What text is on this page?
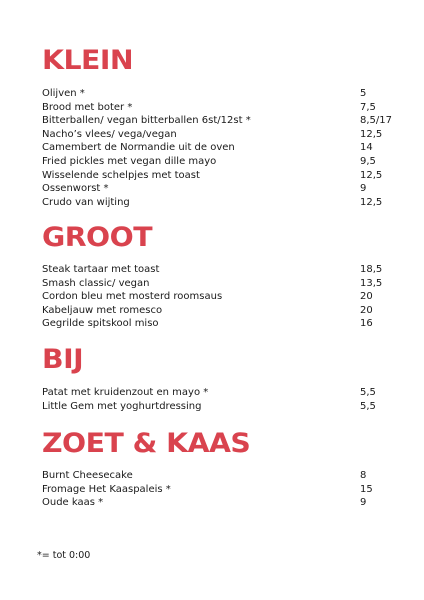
KLEIN
Olijven *	5
Brood met boter *	7,5
Bitterballen/ vegan bitterballen 6st/12st *	8,5/17
Nacho’s vlees/ vega/vegan	12,5
Camembert de Normandie uit de oven	14
Fried pickles met vegan dille mayo	9,5
Wisselende schelpjes met toast	12,5
Ossenworst *	9
Crudo van wijting	12,5
GROOT
Steak tartaar met toast	18,5
Smash classic/ vegan	13,5
Cordon bleu met mosterd roomsaus	20
Kabeljauw met romesco	20
Gegrilde spitskool miso	16
BIJ
Patat met kruidenzout en mayo *	5,5
Little Gem met yoghurtdressing	5,5
ZOET & KAAS
Burnt Cheesecake	8
Fromage Het Kaaspaleis *	15
Oude kaas *	9
*= tot 0:00
